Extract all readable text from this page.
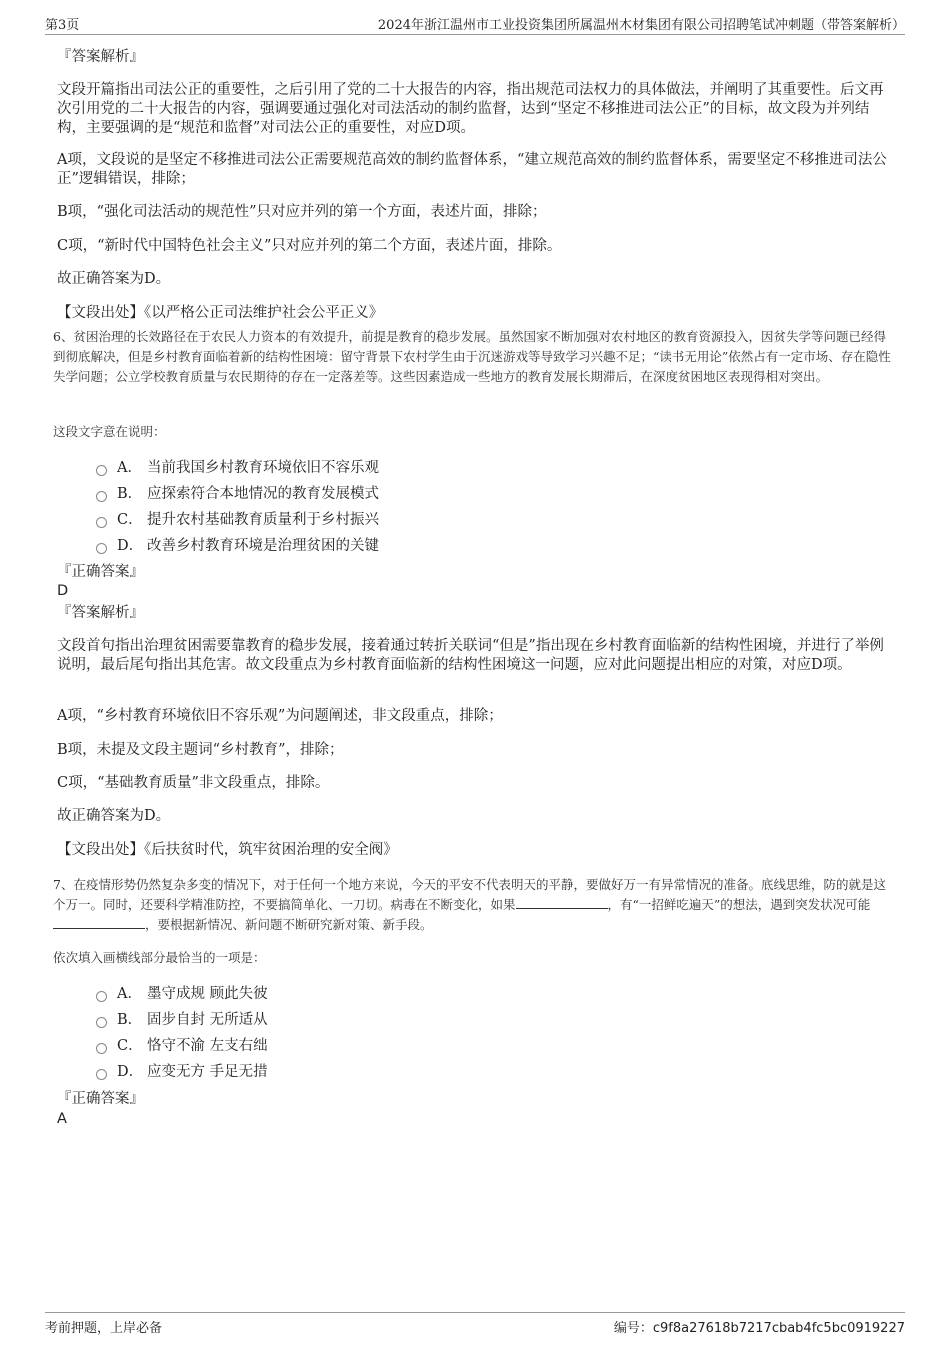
第3页	2024年浙江温州市工业投资集团所属温州木材集团有限公司招聘笔试冲刺题（带答案解析）

『答案解析』

文段开篇指出司法公正的重要性，之后引用了党的二十大报告的内容，指出规范司法权力的具体做法，并阐明了其重要性。后文再次引用党的二十大报告的内容，强调要通过强化对司法活动的制约监督，达到“坚定不移推进司法公正”的目标，故文段为并列结构，主要强调的是“规范和监督”对司法公正的重要性，对应D项。

A项，文段说的是坚定不移推进司法公正需要规范高效的制约监督体系，“建立规范高效的制约监督体系，需要坚定不移推进司法公正”逻辑错误，排除；

B项，“强化司法活动的规范性”只对应并列的第一个方面，表述片面，排除；

C项，“新时代中国特色社会主义”只对应并列的第二个方面，表述片面，排除。

故正确答案为D。

【文段出处】《以严格公正司法维护社会公平正义》

6、贫困治理的长效路径在于农民人力资本的有效提升，前提是教育的稳步发展。虽然国家不断加强对农村地区的教育资源投入，因贫失学等问题已经得到彻底解决，但是乡村教育面临着新的结构性困境：留守背景下农村学生由于沉迷游戏等导致学习兴趣不足；“读书无用论”依然占有一定市场、存在隐性失学问题；公立学校教育质量与农民期待的存在一定落差等。这些因素造成一些地方的教育发展长期滞后，在深度贫困地区表现得相对突出。

这段文字意在说明：

A． 当前我国乡村教育环境依旧不容乐观
B． 应探索符合本地情况的教育发展模式
C． 提升农村基础教育质量利于乡村振兴
D． 改善乡村教育环境是治理贫困的关键

『正确答案』

D

『答案解析』

文段首句指出治理贫困需要靠教育的稳步发展，接着通过转折关联词“但是”指出现在乡村教育面临新的结构性困境，并进行了举例说明，最后尾句指出其危害。故文段重点为乡村教育面临新的结构性困境这一问题，应对此问题提出相应的对策，对应D项。

A项，“乡村教育环境依旧不容乐观”为问题阐述，非文段重点，排除；

B项，未提及文段主题词“乡村教育”，排除；

C项，“基础教育质量”非文段重点，排除。

故正确答案为D。

【文段出处】《后扶贫时代，筑牢贫困治理的安全阀》

7、在疫情形势仍然复杂多变的情况下，对于任何一个地方来说，今天的平安不代表明天的平静，要做好万一有异常情况的准备。底线思维，防的就是这个万一。同时，还要科学精准防控，不要搞简单化、一刀切。病毒在不断变化，如果	，有“一招鲜吃遍天”的想法，遇到突发状况可能，要根据新情况、新问题不断研究新对策、新手段。

依次填入画横线部分最恰当的一项是：

A． 墨守成规 顾此失彼
B． 固步自封 无所适从
C． 恪守不渝 左支右绌
D． 应变无方 手足无措

『正确答案』

A

考前押题，上岸必备	编号：c9f8a27618b7217cbab4fc5bc0919227
